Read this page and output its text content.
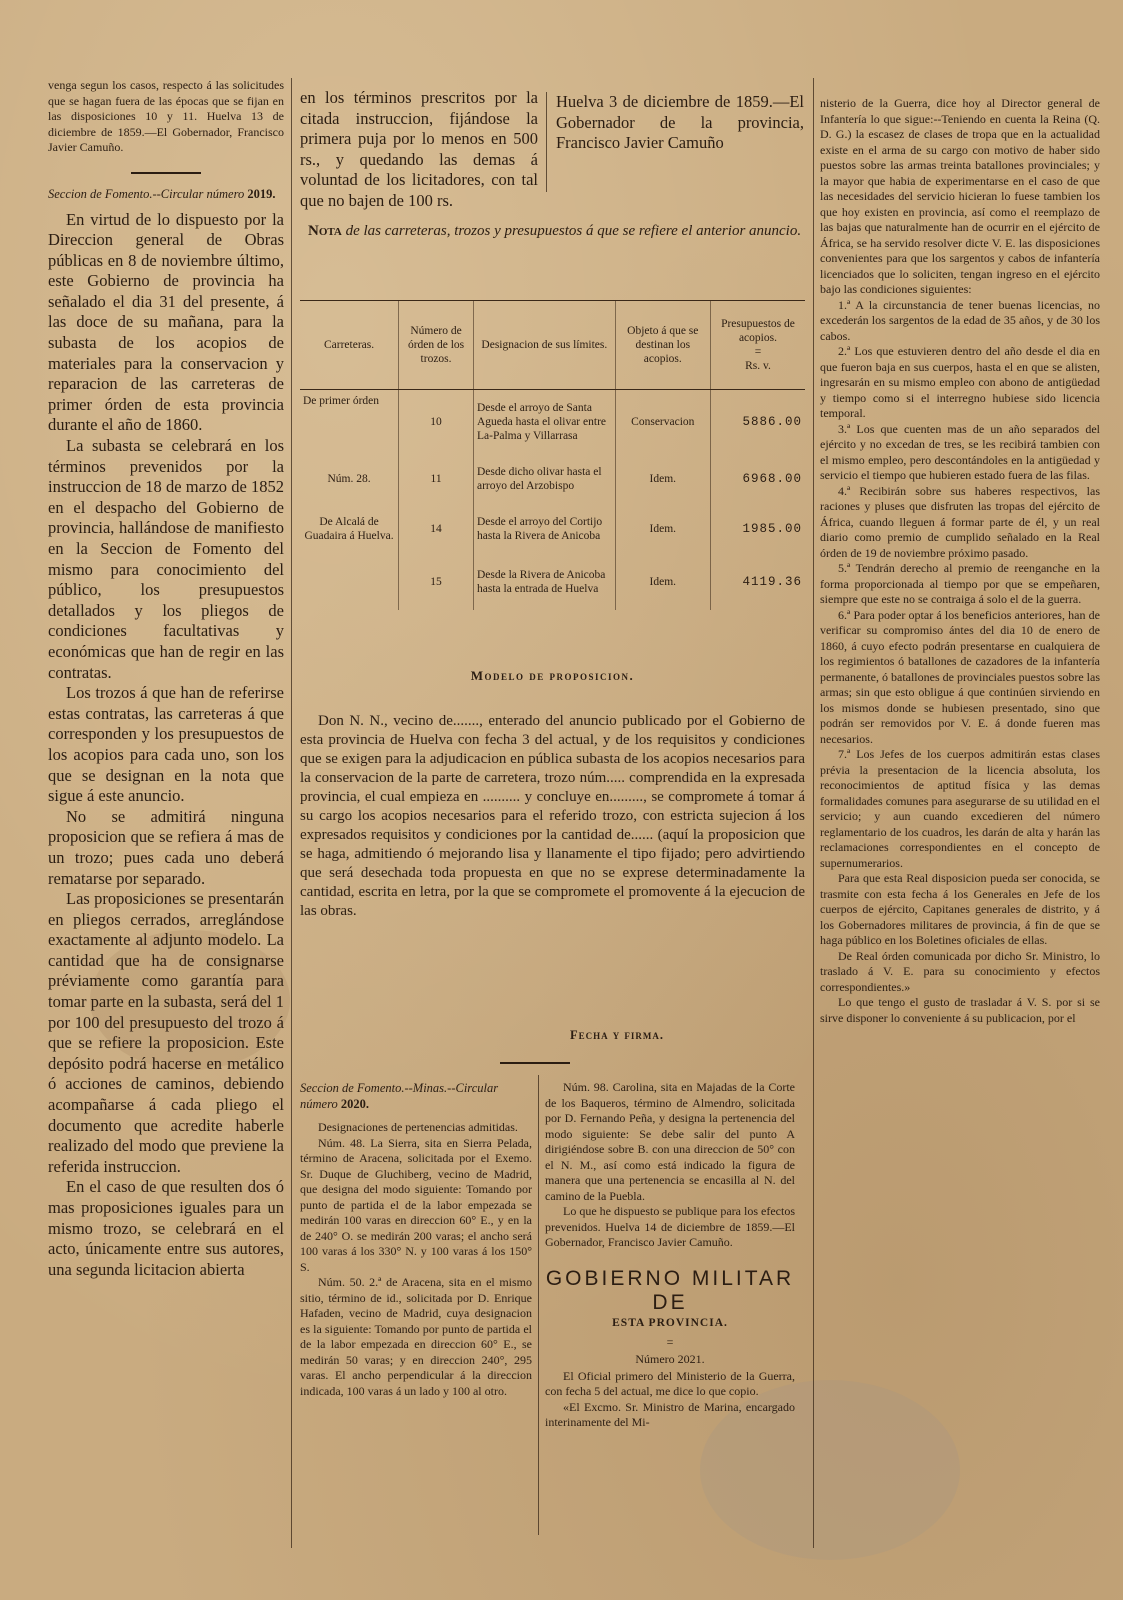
venga segun los casos, respecto á las solicitudes que se hagan fuera de las épocas que se fijan en las disposiciones 10 y 11. Huelva 13 de diciembre de 1859.—El Gobernador, Francisco Javier Camuño.

Seccion de Fomento.--Circular número 2019.

En virtud de lo dispuesto por la Direccion general de Obras públicas en 8 de noviembre último, este Gobierno de provincia ha señalado el dia 31 del presente, á las doce de su mañana, para la subasta de los acopios de materiales para la conservacion y reparacion de las carreteras de primer órden de esta provincia durante el año de 1860.

La subasta se celebrará en los términos prevenidos por la instruccion de 18 de marzo de 1852 en el despacho del Gobierno de provincia, hallándose de manifiesto en la Seccion de Fomento del mismo para conocimiento del público, los presupuestos detallados y los pliegos de condiciones facultativas y económicas que han de regir en las contratas.

Los trozos á que han de referirse estas contratas, las carreteras á que corresponden y los presupuestos de los acopios para cada uno, son los que se designan en la nota que sigue á este anuncio.

No se admitirá ninguna proposicion que se refiera á mas de un trozo; pues cada uno deberá rematarse por separado.

Las proposiciones se presentarán en pliegos cerrados, arreglándose exactamente al adjunto modelo. La cantidad que ha de consignarse préviamente como garantía para tomar parte en la subasta, será del 1 por 100 del presupuesto del trozo á que se refiere la proposicion. Este depósito podrá hacerse en metálico ó acciones de caminos, debiendo acompañarse á cada pliego el documento que acredite haberle realizado del modo que previene la referida instruccion.

En el caso de que resulten dos ó mas proposiciones iguales para un mismo trozo, se celebrará en el acto, únicamente entre sus autores, una segunda licitacion abierta

en los términos prescritos por la citada instruccion, fijándose la primera puja por lo menos en 500 rs., y quedando las demas á voluntad de los licitadores, con tal que no bajen de 100 rs.

Huelva 3 de diciembre de 1859.—El Gobernador de la provincia, Francisco Javier Camuño

Nota de las carreteras, trozos y presupuestos á que se refiere el anterior anuncio.
Carreteras.	Número de órden de los trozos.	Designacion de sus límites.	Objeto á que se destinan los acopios.	Presupuestos de acopios.
=
Rs. v.

De primer órden	10	Desde el arroyo de Santa Agueda hasta el olivar entre La-Palma y Villarrasa	Conservacion	5886.00
Núm. 28.	11	Desde dicho olivar hasta el arroyo del Arzobispo	Idem.	6968.00
De Alcalá de Guadaira á Huelva.	14	Desde el arroyo del Cortijo hasta la Rivera de Anicoba	Idem.	1985.00
	15	Desde la Rivera de Anicoba hasta la entrada de Huelva	Idem.	4119.36
Modelo de proposicion.

Don N. N., vecino de......., enterado del anuncio publicado por el Gobierno de esta provincia de Huelva con fecha 3 del actual, y de los requisitos y condiciones que se exigen para la adjudicacion en pública subasta de los acopios necesarios para la conservacion de la parte de carretera, trozo núm..... comprendida en la expresada provincia, el cual empieza en .......... y concluye en........., se compromete á tomar á su cargo los acopios necesarios para el referido trozo, con estricta sujecion á los expresados requisitos y condiciones por la cantidad de...... (aquí la proposicion que se haga, admitiendo ó mejorando lisa y llanamente el tipo fijado; pero advirtiendo que será desechada toda propuesta en que no se exprese determinadamente la cantidad, escrita en letra, por la que se compromete el promovente á la ejecucion de las obras.

Fecha y firma.

Seccion de Fomento.--Minas.--Circular número 2020.

Designaciones de pertenencias admitidas.

Núm. 48. La Sierra, sita en Sierra Pelada, término de Aracena, solicitada por el Exemo. Sr. Duque de Gluchiberg, vecino de Madrid, que designa del modo siguiente: Tomando por punto de partida el de la labor empezada se medirán 100 varas en direccion 60° E., y en la de 240° O. se medirán 200 varas; el ancho será 100 varas á los 330° N. y 100 varas á los 150° S.

Núm. 50. 2.ª de Aracena, sita en el mismo sitio, término de id., solicitada por D. Enrique Hafaden, vecino de Madrid, cuya designacion es la siguiente: Tomando por punto de partida el de la labor empezada en direccion 60° E., se medirán 50 varas; y en direccion 240°, 295 varas. El ancho perpendicular á la direccion indicada, 100 varas á un lado y 100 al otro.

Núm. 98. Carolina, sita en Majadas de la Corte de los Baqueros, término de Almendro, solicitada por D. Fernando Peña, y designa la pertenencia del modo siguiente: Se debe salir del punto A dirigiéndose sobre B. con una direccion de 50° con el N. M., así como está indicado la figura de manera que una pertenencia se encasilla al N. del camino de la Puebla.

Lo que he dispuesto se publique para los efectos prevenidos. Huelva 14 de diciembre de 1859.—El Gobernador, Francisco Javier Camuño.

GOBIERNO MILITAR DE

ESTA PROVINCIA.

=

Número 2021.

El Oficial primero del Ministerio de la Guerra, con fecha 5 del actual, me dice lo que copio.

«El Excmo. Sr. Ministro de Marina, encargado interinamente del Mi-

nisterio de la Guerra, dice hoy al Director general de Infantería lo que sigue:--Teniendo en cuenta la Reina (Q. D. G.) la escasez de clases de tropa que en la actualidad existe en el arma de su cargo con motivo de haber sido puestos sobre las armas treinta batallones provinciales; y la mayor que habia de experimentarse en el caso de que las necesidades del servicio hicieran lo fuese tambien los que hoy existen en provincia, así como el reemplazo de las bajas que naturalmente han de ocurrir en el ejército de África, se ha servido resolver dicte V. E. las disposiciones convenientes para que los sargentos y cabos de infantería licenciados que lo soliciten, tengan ingreso en el ejército bajo las condiciones siguientes:

1.ª A la circunstancia de tener buenas licencias, no excederán los sargentos de la edad de 35 años, y de 30 los cabos.

2.ª Los que estuvieren dentro del año desde el dia en que fueron baja en sus cuerpos, hasta el en que se alisten, ingresarán en su mismo empleo con abono de antigüedad y tiempo como si el interregno hubiese sido licencia temporal.

3.ª Los que cuenten mas de un año separados del ejército y no excedan de tres, se les recibirá tambien con el mismo empleo, pero descontándoles en la antigüedad y servicio el tiempo que hubieren estado fuera de las filas.

4.ª Recibirán sobre sus haberes respectivos, las raciones y pluses que disfruten las tropas del ejército de África, cuando lleguen á formar parte de él, y un real diario como premio de cumplido señalado en la Real órden de 19 de noviembre próximo pasado.

5.ª Tendrán derecho al premio de reenganche en la forma proporcionada al tiempo por que se empeñaren, siempre que este no se contraiga á solo el de la guerra.

6.ª Para poder optar á los beneficios anteriores, han de verificar su compromiso ántes del dia 10 de enero de 1860, á cuyo efecto podrán presentarse en cualquiera de los regimientos ó batallones de cazadores de la infantería permanente, ó batallones de provinciales puestos sobre las armas; sin que esto obligue á que continúen sirviendo en los mismos donde se hubiesen presentado, sino que podrán ser removidos por V. E. á donde fueren mas necesarios.

7.ª Los Jefes de los cuerpos admitirán estas clases prévia la presentacion de la licencia absoluta, los reconocimientos de aptitud física y las demas formalidades comunes para asegurarse de su utilidad en el servicio; y aun cuando excedieren del número reglamentario de los cuadros, les darán de alta y harán las reclamaciones correspondientes en el concepto de supernumerarios.

Para que esta Real disposicion pueda ser conocida, se trasmite con esta fecha á los Generales en Jefe de los cuerpos de ejército, Capitanes generales de distrito, y á los Gobernadores militares de provincia, á fin de que se haga público en los Boletines oficiales de ellas.

De Real órden comunicada por dicho Sr. Ministro, lo traslado á V. E. para su conocimiento y efectos correspondientes.»

Lo que tengo el gusto de trasladar á V. S. por si se sirve disponer lo conveniente á su publicacion, por el
